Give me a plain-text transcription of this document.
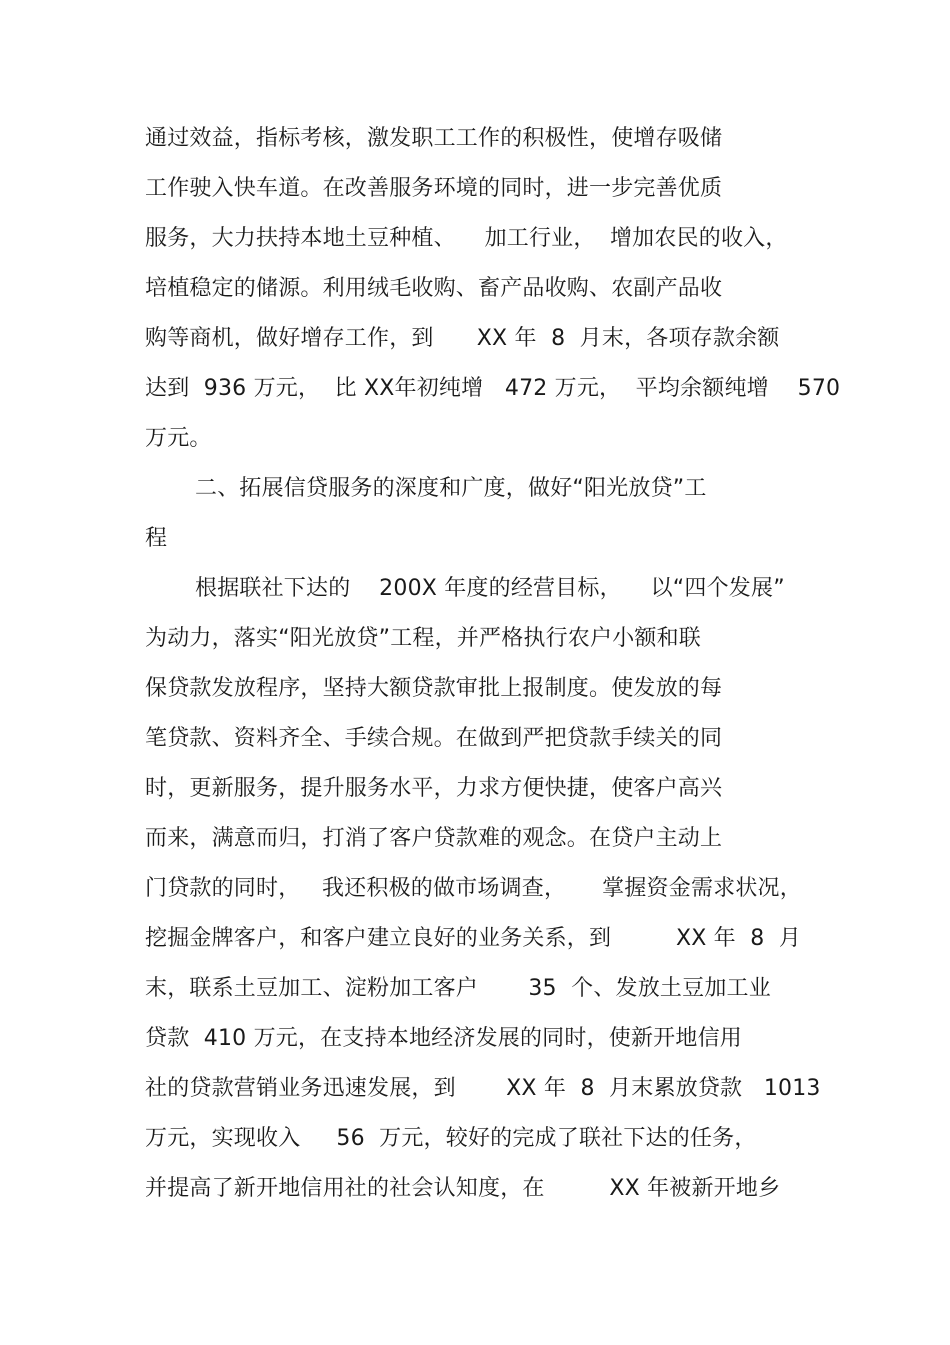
通过效益，指标考核，激发职工工作的积极性，使增存吸储
工作驶入快车道。在改善服务环境的同时，进一步完善优质
服务，大力扶持本地土豆种植、    加工行业，  增加农民的收入，
培植稳定的储源。利用绒毛收购、畜产品收购、农副产品收
购等商机，做好增存工作，到      XX 年  8  月末，各项存款余额
达到  936 万元，  比 XX年初纯增   472 万元，  平均余额纯增    570
万元。
二、拓展信贷服务的深度和广度，做好“阳光放贷”工
程
根据联社下达的    200X 年度的经营目标，    以“四个发展”
为动力，落实“阳光放贷”工程，并严格执行农户小额和联
保贷款发放程序，坚持大额贷款审批上报制度。使发放的每
笔贷款、资料齐全、手续合规。在做到严把贷款手续关的同
时，更新服务，提升服务水平，力求方便快捷，使客户高兴
而来，满意而归，打消了客户贷款难的观念。在贷户主动上
门贷款的同时，   我还积极的做市场调查，     掌握资金需求状况，
挖掘金牌客户，和客户建立良好的业务关系，到         XX 年  8  月
末，联系土豆加工、淀粉加工客户       35  个、发放土豆加工业
贷款  410 万元，在支持本地经济发展的同时，使新开地信用
社的贷款营销业务迅速发展，到       XX 年  8  月末累放贷款   1013
万元，实现收入     56  万元，较好的完成了联社下达的任务，
并提高了新开地信用社的社会认知度，在         XX 年被新开地乡
